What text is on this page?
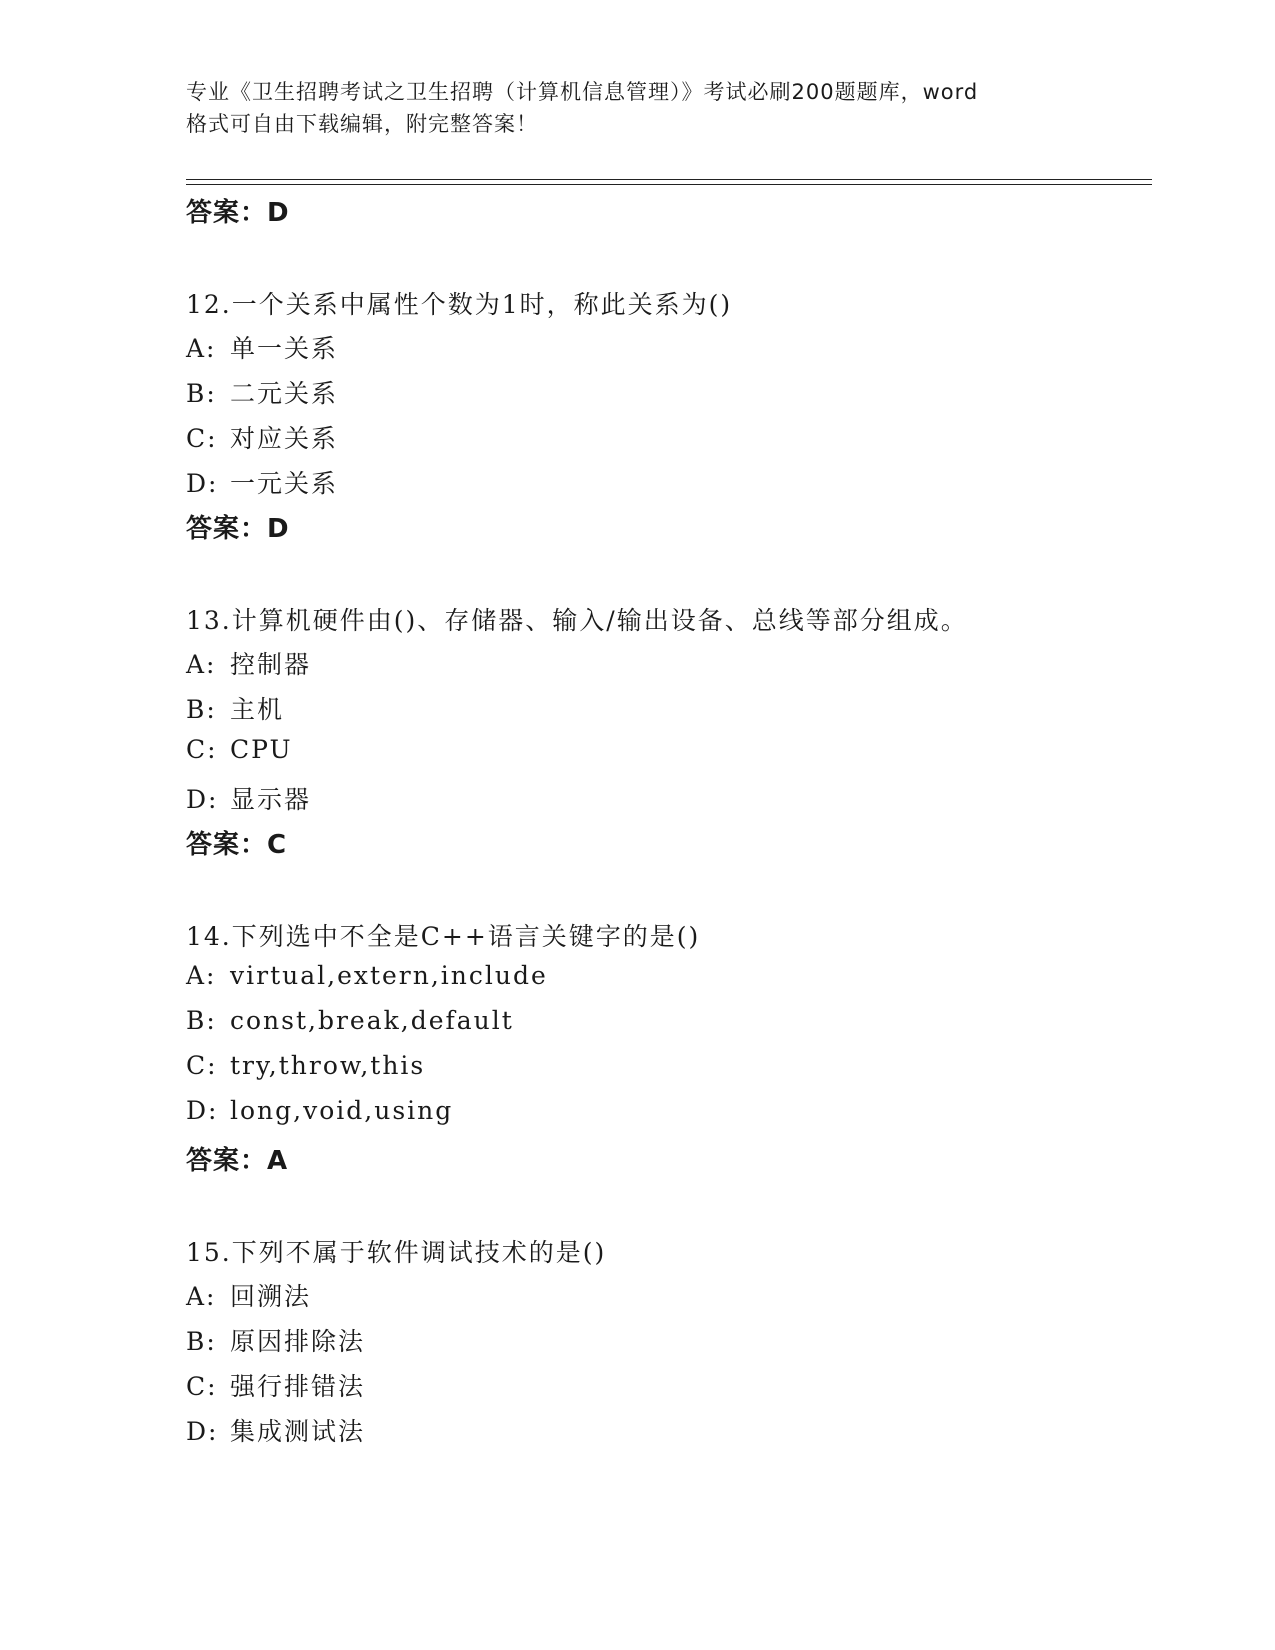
专业《卫生招聘考试之卫生招聘（计算机信息管理）》考试必刷200题题库，word
格式可自由下载编辑，附完整答案！
答案：D
12.一个关系中属性个数为1时，称此关系为()
A: 单一关系
B: 二元关系
C: 对应关系
D: 一元关系
答案：D
13.计算机硬件由()、存储器、输入/输出设备、总线等部分组成。
A: 控制器
B: 主机
C: CPU
D: 显示器
答案：C
14.下列选中不全是C++语言关键字的是()
A: virtual,extern,include
B: const,break,default
C: try,throw,this
D: long,void,using
答案：A
15.下列不属于软件调试技术的是()
A: 回溯法
B: 原因排除法
C: 强行排错法
D: 集成测试法
